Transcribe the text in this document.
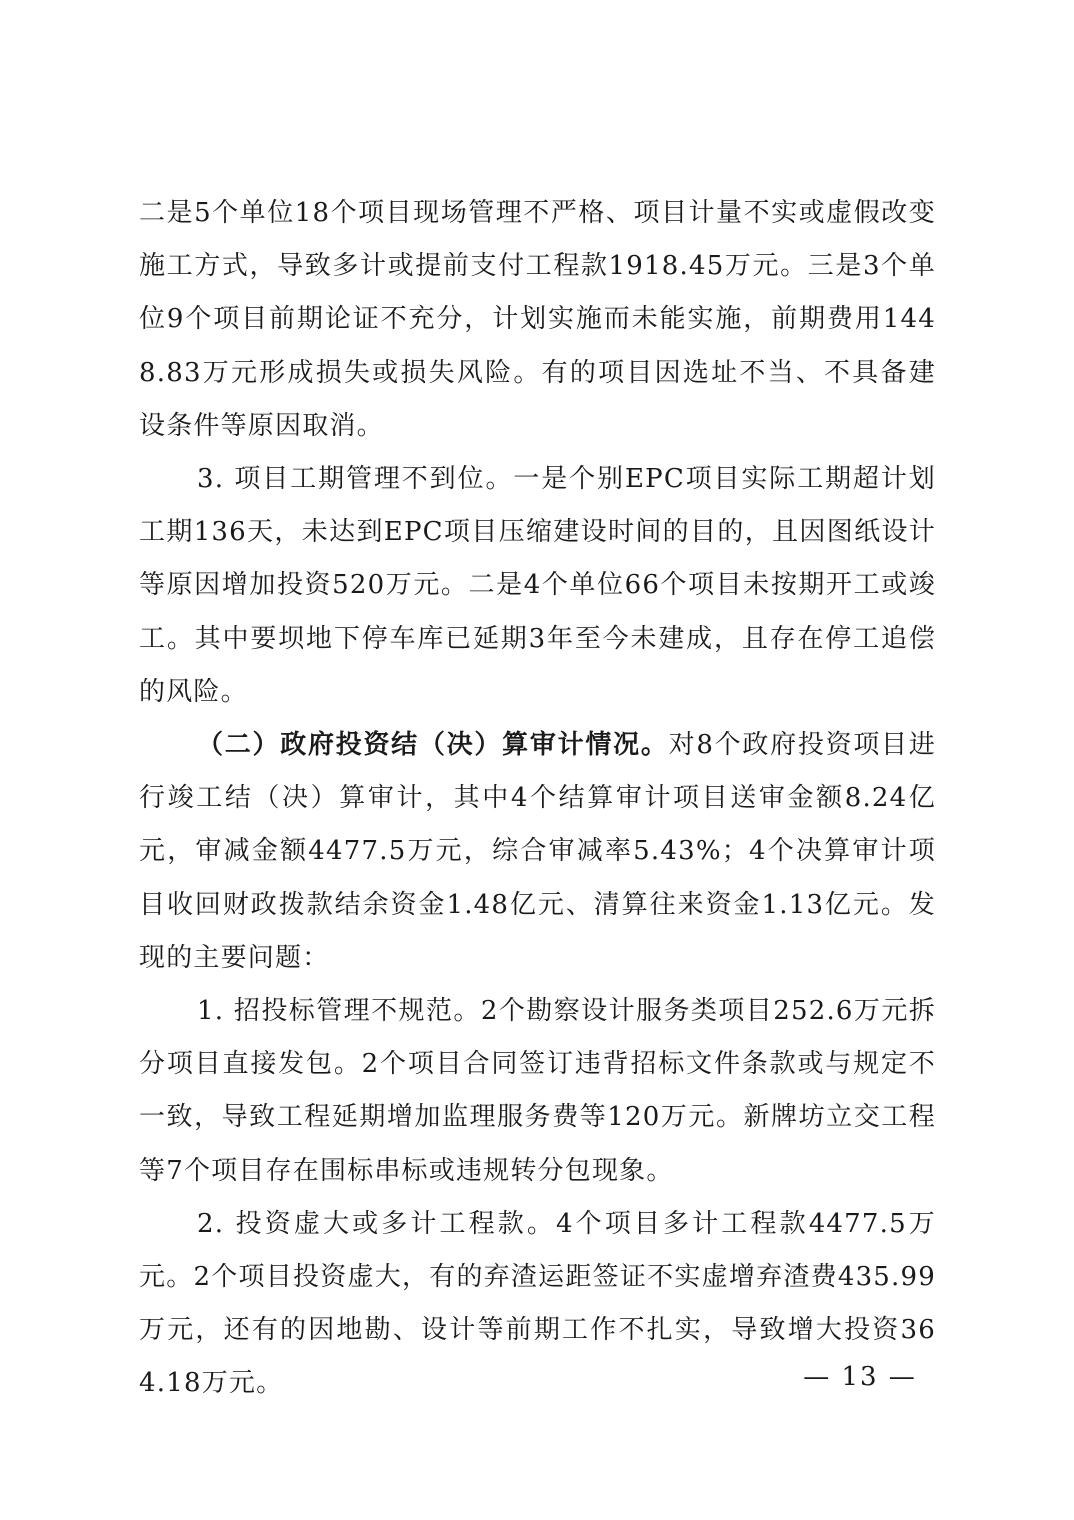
二是5个单位18个项目现场管理不严格、项目计量不实或虚假改变施工方式，导致多计或提前支付工程款1918.45万元。三是3个单位9个项目前期论证不充分，计划实施而未能实施，前期费用1448.83万元形成损失或损失风险。有的项目因选址不当、不具备建设条件等原因取消。

3. 项目工期管理不到位。一是个别EPC项目实际工期超计划工期136天，未达到EPC项目压缩建设时间的目的，且因图纸设计等原因增加投资520万元。二是4个单位66个项目未按期开工或竣工。其中要坝地下停车库已延期3年至今未建成，且存在停工追偿的风险。

（二）政府投资结（决）算审计情况。对8个政府投资项目进行竣工结（决）算审计，其中4个结算审计项目送审金额8.24亿元，审减金额4477.5万元，综合审减率5.43%；4个决算审计项目收回财政拨款结余资金1.48亿元、清算往来资金1.13亿元。发现的主要问题：

1. 招投标管理不规范。2个勘察设计服务类项目252.6万元拆分项目直接发包。2个项目合同签订违背招标文件条款或与规定不一致，导致工程延期增加监理服务费等120万元。新牌坊立交工程等7个项目存在围标串标或违规转分包现象。

2. 投资虚大或多计工程款。4个项目多计工程款4477.5万元。2个项目投资虚大，有的弃渣运距签证不实虚增弃渣费435.99万元，还有的因地勘、设计等前期工作不扎实，导致增大投资364.18万元。	— 13 —
